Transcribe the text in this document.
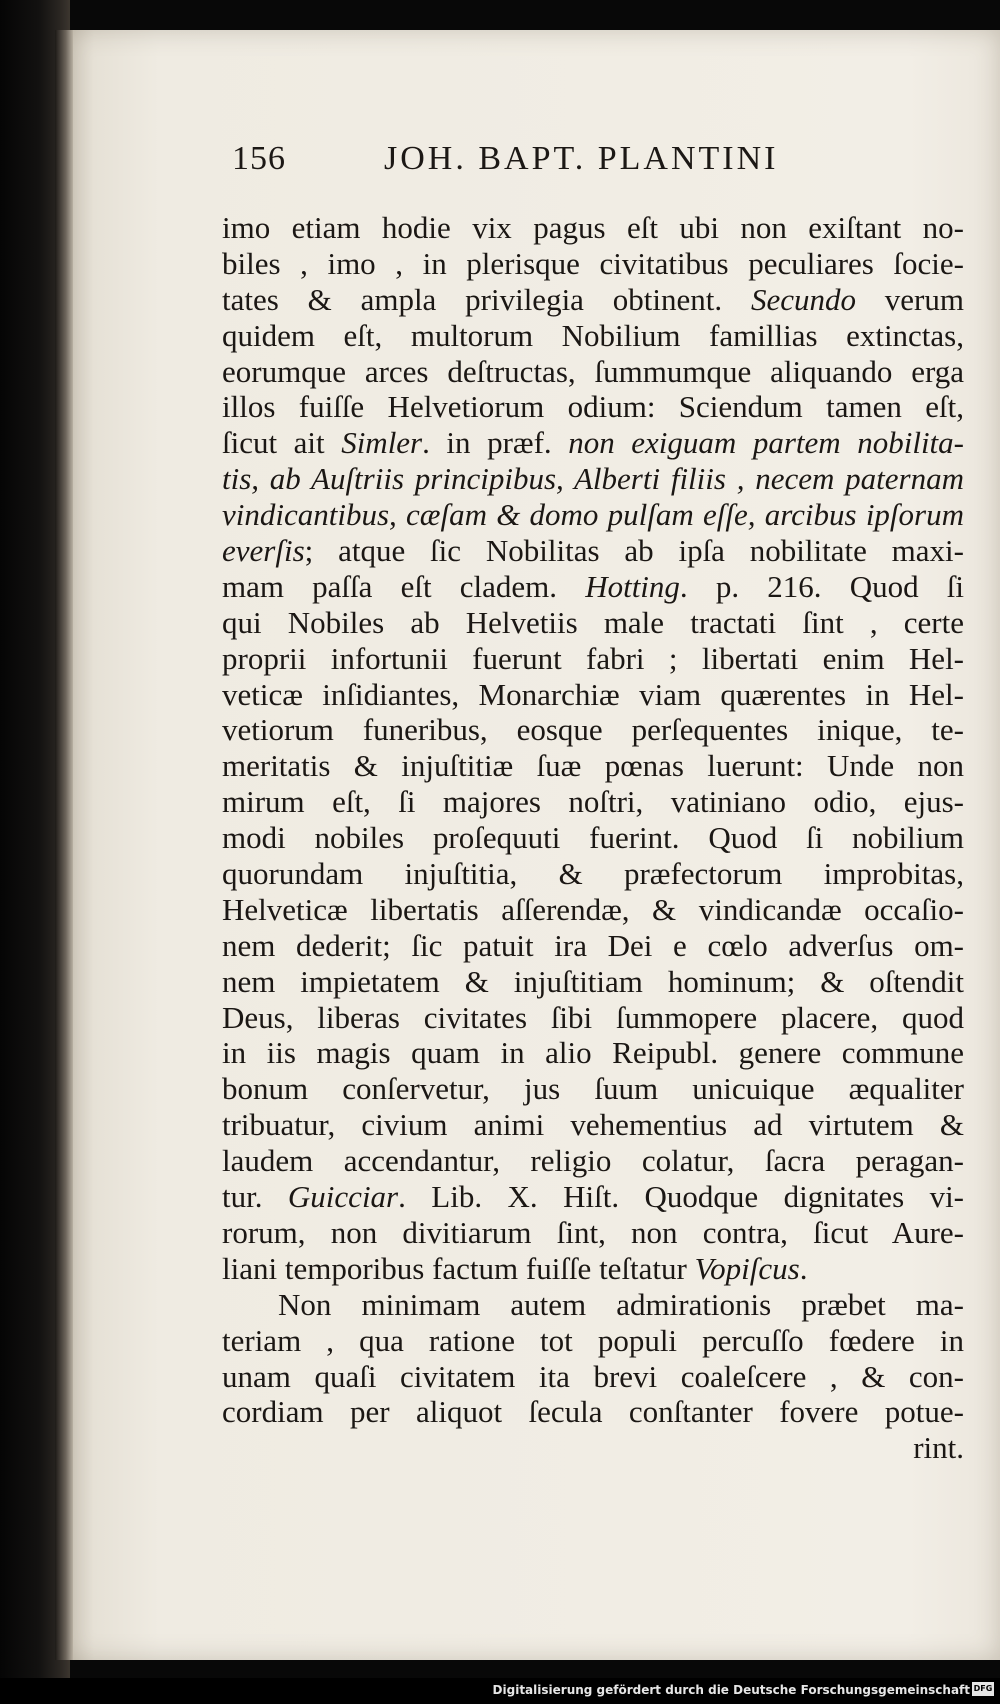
156	JOH. BAPT. PLANTINI
imo etiam hodie vix pagus eſt ubi non exiſtant no-
biles , imo , in plerisque civitatibus peculiares ſocie-
tates & ampla privilegia obtinent. Secundo verum
quidem eſt, multorum Nobilium famillias extinctas,
eorumque arces deſtructas, ſummumque aliquando erga
illos fuiſſe Helvetiorum odium: Sciendum tamen eſt,
ſicut ait Simler. in præf. non exiguam partem nobilita-
tis, ab Auſtriis principibus, Alberti filiis , necem paternam
vindicantibus, cæſam & domo pulſam eſſe, arcibus ipſorum
everſis; atque ſic Nobilitas ab ipſa nobilitate maxi-
mam paſſa eſt cladem. Hotting. p. 216. Quod ſi
qui Nobiles ab Helvetiis male tractati ſint , certe
proprii infortunii fuerunt fabri ; libertati enim Hel-
veticæ inſidiantes, Monarchiæ viam quærentes in Hel-
vetiorum funeribus, eosque perſequentes inique, te-
meritatis & injuſtitiæ ſuæ pœnas luerunt: Unde non
mirum eſt, ſi majores noſtri, vatiniano odio, ejus-
modi nobiles proſequuti fuerint. Quod ſi nobilium
quorundam injuſtitia, & præfectorum improbitas,
Helveticæ libertatis aſſerendæ, & vindicandæ occaſio-
nem dederit; ſic patuit ira Dei e cœlo adverſus om-
nem impietatem & injuſtitiam hominum; & oſtendit
Deus, liberas civitates ſibi ſummopere placere, quod
in iis magis quam in alio Reipubl. genere commune
bonum conſervetur, jus ſuum unicuique æqualiter
tribuatur, civium animi vehementius ad virtutem &
laudem accendantur, religio colatur, ſacra peragan-
tur. Guicciar. Lib. X. Hiſt. Quodque dignitates vi-
rorum, non divitiarum ſint, non contra, ſicut Aure-
liani temporibus factum fuiſſe teſtatur Vopiſcus.
Non minimam autem admirationis præbet ma-
teriam , qua ratione tot populi percuſſo fœdere in
unam quaſi civitatem ita brevi coaleſcere , & con-
cordiam per aliquot ſecula conſtanter fovere potue-
rint.
Digitalisierung gefördert durch die Deutsche Forschungsgemeinschaft DFG
